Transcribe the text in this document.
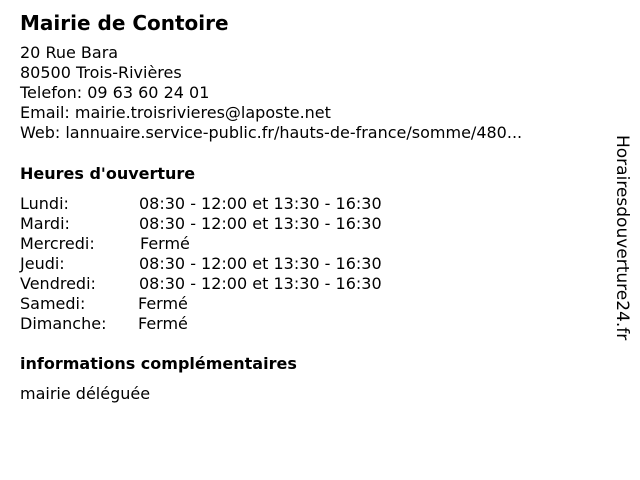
Mairie de Contoire
20 Rue Bara
80500 Trois-Rivières
Telefon: 09 63 60 24 01
Email: mairie.troisrivieres@laposte.net
Web: lannuaire.service-public.fr/hauts-de-france/somme/480...
Heures d'ouverture
Lundi:	08:30 - 12:00 et 13:30 - 16:30
Mardi:	08:30 - 12:00 et 13:30 - 16:30
Mercredi:	Fermé
Jeudi:	08:30 - 12:00 et 13:30 - 16:30
Vendredi:	08:30 - 12:00 et 13:30 - 16:30
Samedi:	Fermé
Dimanche: Fermé
informations complémentaires
mairie déléguée
Horairesdouverture24.fr
